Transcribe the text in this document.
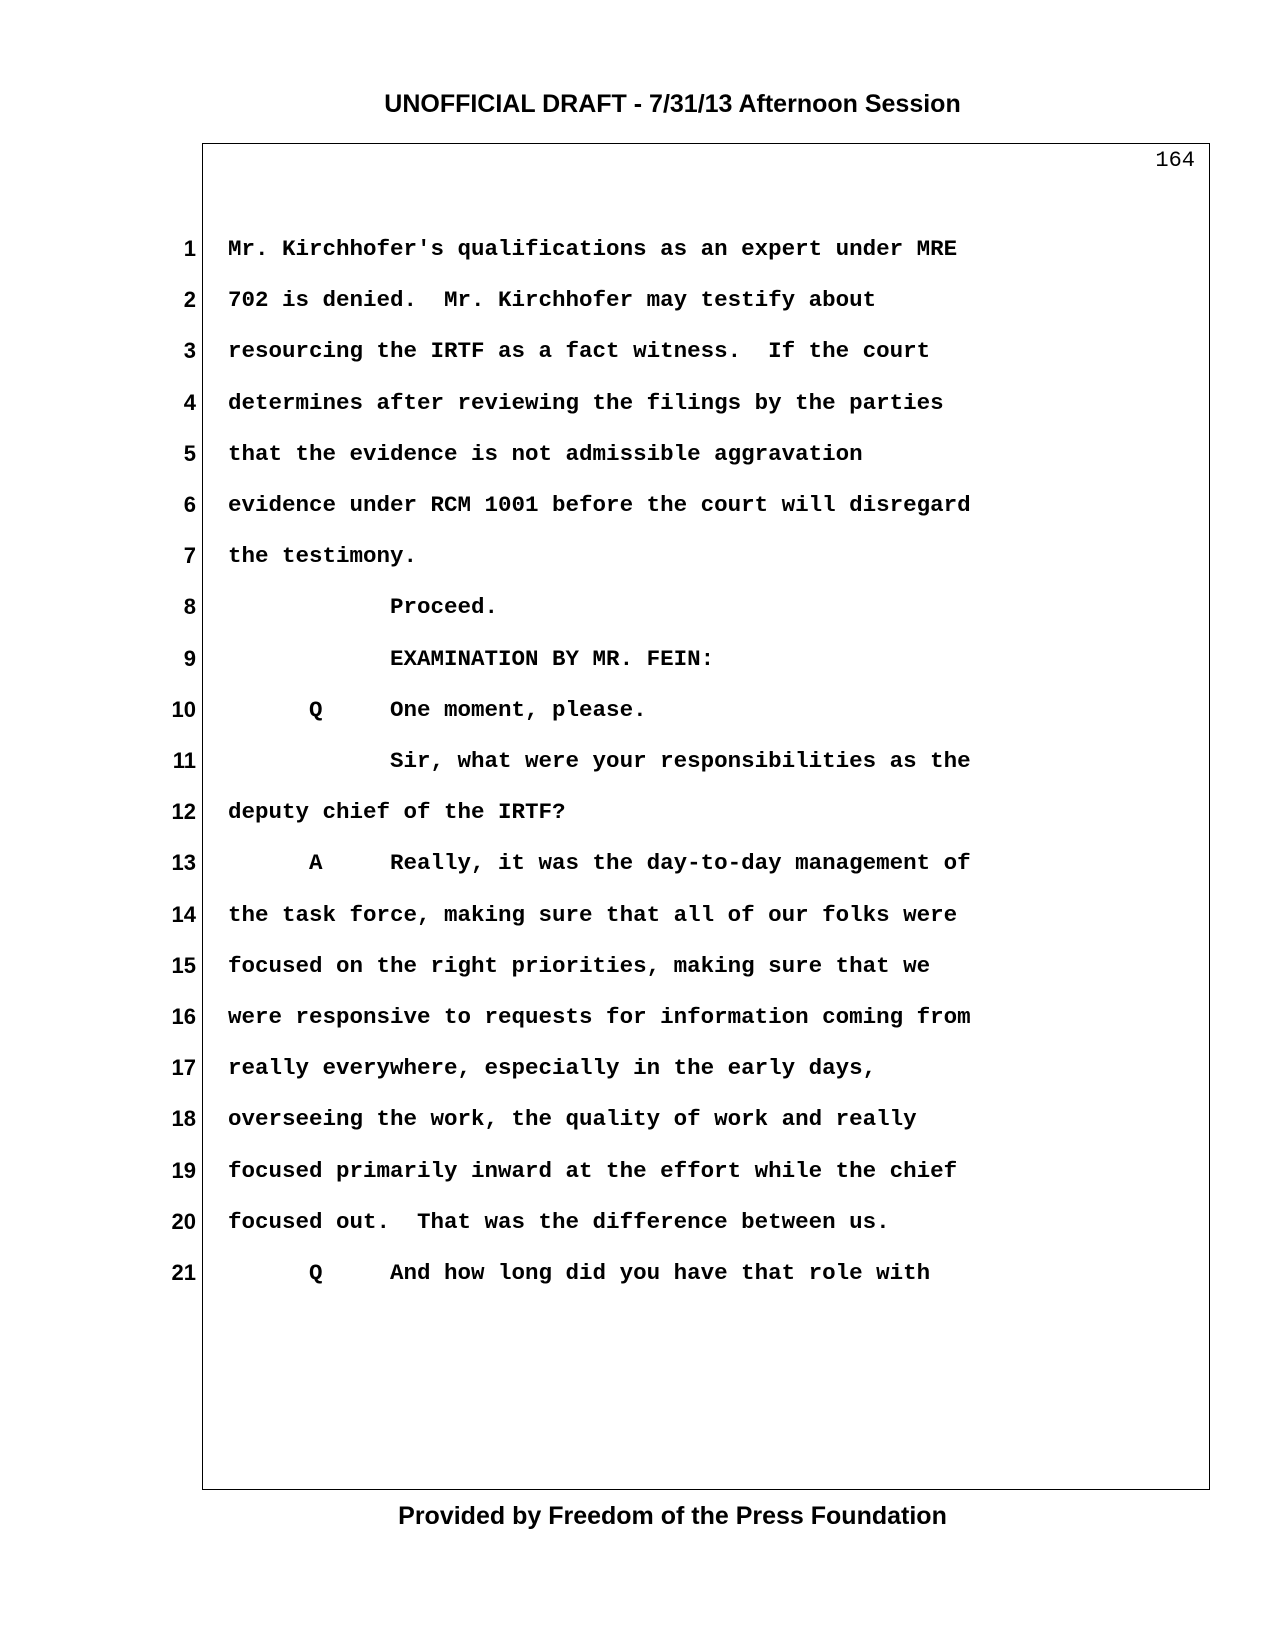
UNOFFICIAL DRAFT - 7/31/13 Afternoon Session
164
1 Mr. Kirchhofer's qualifications as an expert under MRE
2 702 is denied.  Mr. Kirchhofer may testify about
3 resourcing the IRTF as a fact witness.  If the court
4 determines after reviewing the filings by the parties
5 that the evidence is not admissible aggravation
6 evidence under RCM 1001 before the court will disregard
7 the testimony.
8 Proceed.
9 EXAMINATION BY MR. FEIN:
10 Q     One moment, please.
11 Sir, what were your responsibilities as the
12 deputy chief of the IRTF?
13 A     Really, it was the day-to-day management of
14 the task force, making sure that all of our folks were
15 focused on the right priorities, making sure that we
16 were responsive to requests for information coming from
17 really everywhere, especially in the early days,
18 overseeing the work, the quality of work and really
19 focused primarily inward at the effort while the chief
20 focused out.  That was the difference between us.
21 Q     And how long did you have that role with
Provided by Freedom of the Press Foundation
